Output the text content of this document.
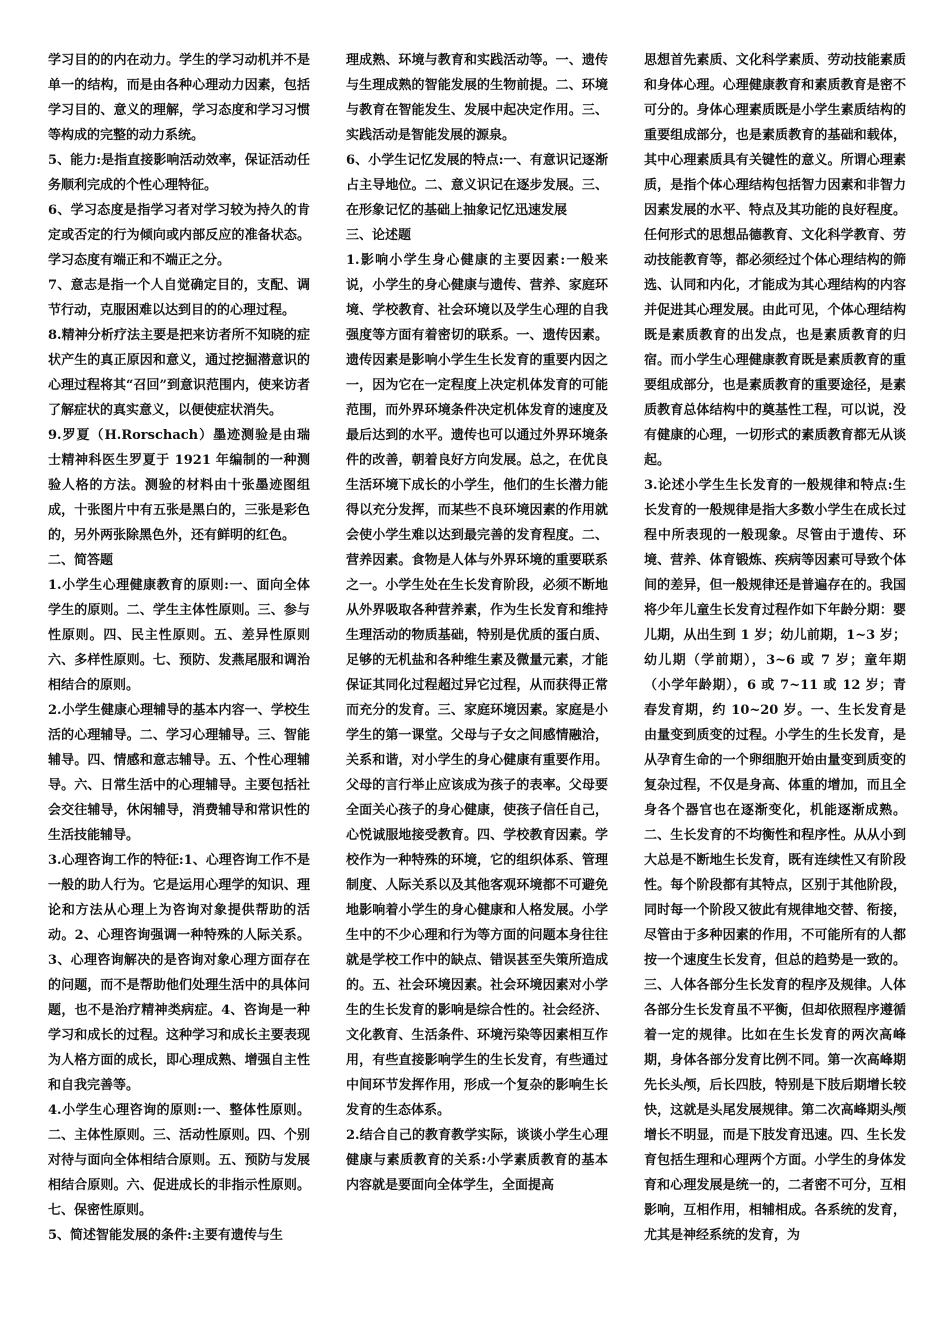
学习目的的内在动力。学生的学习动机并不是单一的结构，而是由各种心理动力因素，包括学习目的、意义的理解，学习态度和学习习惯等构成的完整的动力系统。

5、能力:是指直接影响活动效率，保证活动任务顺利完成的个性心理特征。

6、学习态度是指学习者对学习较为持久的肯定或否定的行为倾向或内部反应的准备状态。学习态度有端正和不端正之分。

7、意志是指一个人自觉确定目的，支配、调节行动，克服困难以达到目的的心理过程。

8.精神分析疗法主要是把来访者所不知晓的症状产生的真正原因和意义，通过挖掘潜意识的心理过程将其“召回”到意识范围内，使来访者了解症状的真实意义，以便使症状消失。

9.罗夏（H.Rorschach）墨迹测验是由瑞士精神科医生罗夏于 1921 年编制的一种测验人格的方法。测验的材料由十张墨迹图组成，十张图片中有五张是黑白的，三张是彩色的，另外两张除黑色外，还有鲜明的红色。

二、简答题

1.小学生心理健康教育的原则:一、面向全体学生的原则。二、学生主体性原则。三、参与性原则。四、民主性原则。五、差异性原则六、多样性原则。七、预防、发燕尾服和调治相结合的原则。

2.小学生健康心理辅导的基本内容一、学校生活的心理辅导。二、学习心理辅导。三、智能辅导。四、情感和意志辅导。五、个性心理辅导。六、日常生活中的心理辅导。主要包括社会交往辅导，休闲辅导，消费辅导和常识性的生活技能辅导。

3.心理咨询工作的特征:1、心理咨询工作不是一般的助人行为。它是运用心理学的知识、理论和方法从心理上为咨询对象提供帮助的活动。2、心理咨询强调一种特殊的人际关系。3、心理咨询解决的是咨询对象心理方面存在的问题，而不是帮助他们处理生活中的具体问题，也不是治疗精神类病症。4、咨询是一种学习和成长的过程。这种学习和成长主要表现为人格方面的成长，即心理成熟、增强自主性和自我完善等。

4.小学生心理咨询的原则:一、整体性原则。二、主体性原则。三、活动性原则。四、个别对待与面向全体相结合原则。五、预防与发展相结合原则。六、促进成长的非指示性原则。七、保密性原则。

5、简述智能发展的条件:主要有遗传与生

理成熟、环境与教育和实践活动等。一、遗传与生理成熟的智能发展的生物前提。二、环境与教育在智能发生、发展中起决定作用。三、实践活动是智能发展的源泉。

6、小学生记忆发展的特点:一、有意识记逐渐占主导地位。二、意义识记在逐步发展。三、在形象记忆的基础上抽象记忆迅速发展

三、论述题

1.影响小学生身心健康的主要因素:一般来说，小学生的身心健康与遗传、营养、家庭环境、学校教育、社会环境以及学生心理的自我强度等方面有着密切的联系。一、遗传因素。遗传因素是影响小学生生长发育的重要内因之一，因为它在一定程度上决定机体发育的可能范围，而外界环境条件决定机体发育的速度及最后达到的水平。遗传也可以通过外界环境条件的改善，朝着良好方向发展。总之，在优良生活环境下成长的小学生，他们的生长潜力能得以充分发挥，而某些不良环境因素的作用就会使小学生难以达到最完善的发育程度。二、营养因素。食物是人体与外界环境的重要联系之一。小学生处在生长发育阶段，必须不断地从外界吸取各种营养素，作为生长发育和维持生理活动的物质基础，特别是优质的蛋白质、足够的无机盐和各种维生素及微量元素，才能保证其同化过程超过异它过程，从而获得正常而充分的发育。三、家庭环境因素。家庭是小学生的第一课堂。父母与子女之间感情融洽，关系和谐，对小学生的身心健康有重要作用。父母的言行举止应该成为孩子的表率。父母要全面关心孩子的身心健康，使孩子信任自己，心悦诚服地接受教育。四、学校教育因素。学校作为一种特殊的环境，它的组织体系、管理制度、人际关系以及其他客观环境都不可避免地影响着小学生的身心健康和人格发展。小学生中的不少心理和行为等方面的问题本身往往就是学校工作中的缺点、错误甚至失策所造成的。五、社会环境因素。社会环境因素对小学生的生长发育的影响是综合性的。社会经济、文化教育、生活条件、环境污染等因素相互作用，有些直接影响学生的生长发育，有些通过中间环节发挥作用，形成一个复杂的影响生长发育的生态体系。

2.结合自己的教育教学实际，谈谈小学生心理健康与素质教育的关系:小学素质教育的基本内容就是要面向全体学生，全面提高

思想首先素质、文化科学素质、劳动技能素质和身体心理。心理健康教育和素质教育是密不可分的。身体心理素质既是小学生素质结构的重要组成部分，也是素质教育的基础和载体，其中心理素质具有关键性的意义。所谓心理素质，是指个体心理结构包括智力因素和非智力因素发展的水平、特点及其功能的良好程度。任何形式的思想品德教育、文化科学教育、劳动技能教育等，都必须经过个体心理结构的筛选、认同和内化，才能成为其心理结构的内容并促进其心理发展。由此可见，个体心理结构既是素质教育的出发点，也是素质教育的归宿。而小学生心理健康教育既是素质教育的重要组成部分，也是素质教育的重要途径，是素质教育总体结构中的奠基性工程，可以说，没有健康的心理，一切形式的素质教育都无从谈起。

3.论述小学生生长发育的一般规律和特点:生长发育的一般规律是指大多数小学生在成长过程中所表现的一般现象。尽管由于遗传、环境、营养、体育锻炼、疾病等因素可导致个体间的差异，但一般规律还是普遍存在的。我国将少年儿童生长发育过程作如下年龄分期：婴儿期，从出生到 1 岁；幼儿前期，1~3 岁；幼儿期（学前期），3~6 或 7 岁；童年期（小学年龄期），6 或 7~11 或 12 岁；青春发育期，约 10~20 岁。一、生长发育是由量变到质变的过程。小学生的生长发育，是从孕育生命的一个卵细胞开始由量变到质变的复杂过程，不仅是身高、体重的增加，而且全身各个器官也在逐渐变化，机能逐渐成熟。二、生长发育的不均衡性和程序性。从从小到大总是不断地生长发育，既有连续性又有阶段性。每个阶段都有其特点，区别于其他阶段，同时每一个阶段又彼此有规律地交替、衔接，尽管由于多种因素的作用，不可能所有的人都按一个速度生长发育，但总的趋势是一致的。三、人体各部分生长发育的程序及规律。人体各部分生长发育虽不平衡，但却依照程序遵循着一定的规律。比如在生长发育的两次高峰期，身体各部分发育比例不同。第一次高峰期先长头颅，后长四肢，特别是下肢后期增长较快，这就是头尾发展规律。第二次高峰期头颅增长不明显，而是下肢发育迅速。四、生长发育包括生理和心理两个方面。小学生的身体发育和心理发展是统一的，二者密不可分，互相影响，互相作用，相辅相成。各系统的发育，尤其是神经系统的发育，为
